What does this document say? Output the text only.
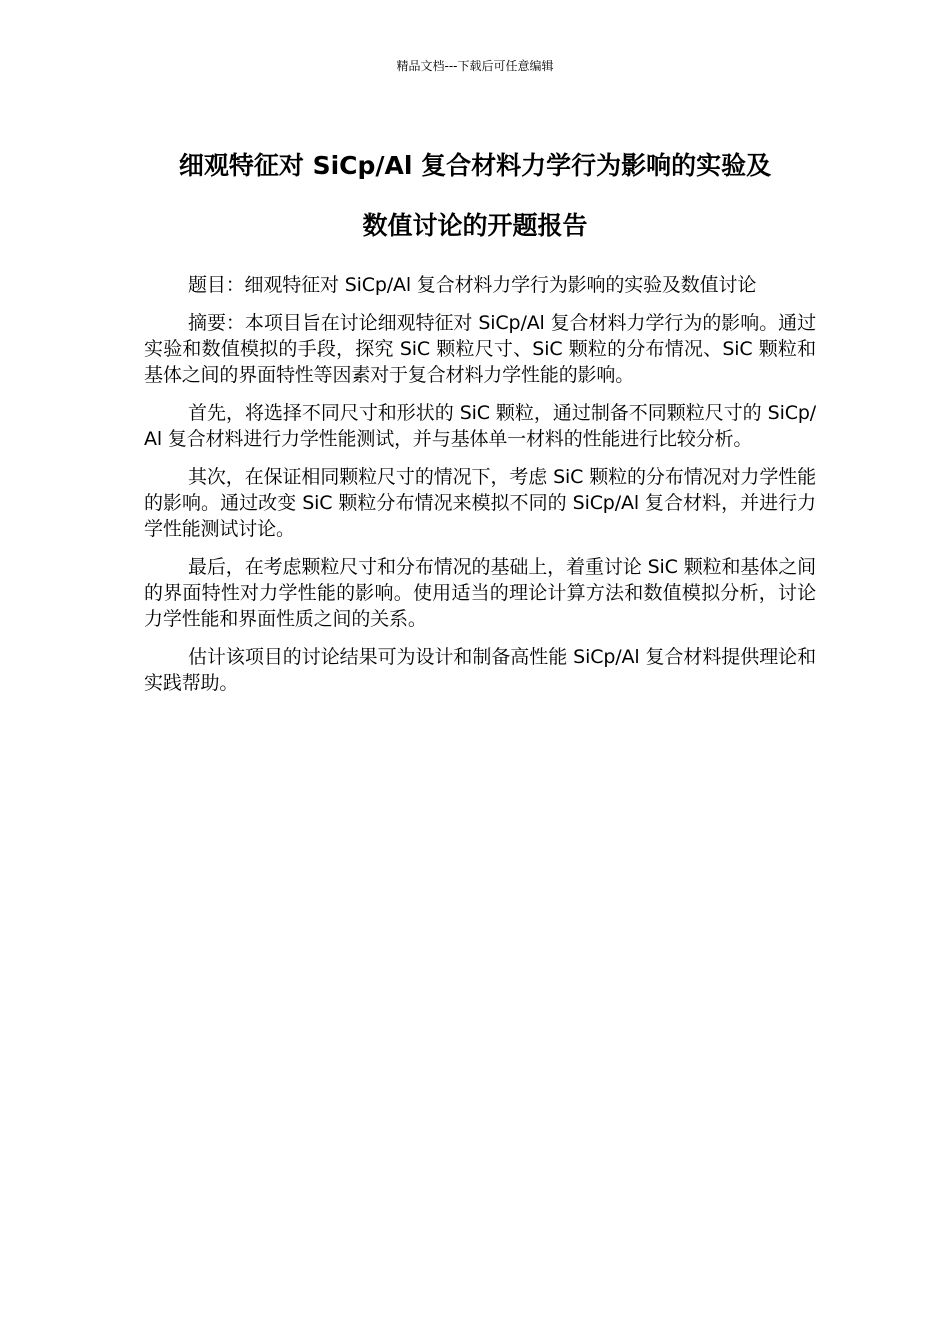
精品文档---下载后可任意编辑
细观特征对 SiCp/Al 复合材料力学行为影响的实验及
数值讨论的开题报告

题目：细观特征对 SiCp/Al 复合材料力学行为影响的实验及数值讨论

摘要：本项目旨在讨论细观特征对 SiCp/Al 复合材料力学行为的影响。通过实验和数值模拟的手段，探究 SiC 颗粒尺寸、SiC 颗粒的分布情况、SiC 颗粒和基体之间的界面特性等因素对于复合材料力学性能的影响。

首先，将选择不同尺寸和形状的 SiC 颗粒，通过制备不同颗粒尺寸的 SiCp/Al 复合材料进行力学性能测试，并与基体单一材料的性能进行比较分析。

其次，在保证相同颗粒尺寸的情况下，考虑 SiC 颗粒的分布情况对力学性能的影响。通过改变 SiC 颗粒分布情况来模拟不同的 SiCp/Al 复合材料，并进行力学性能测试讨论。

最后，在考虑颗粒尺寸和分布情况的基础上，着重讨论 SiC 颗粒和基体之间的界面特性对力学性能的影响。使用适当的理论计算方法和数值模拟分析，讨论力学性能和界面性质之间的关系。

估计该项目的讨论结果可为设计和制备高性能 SiCp/Al 复合材料提供理论和实践帮助。
